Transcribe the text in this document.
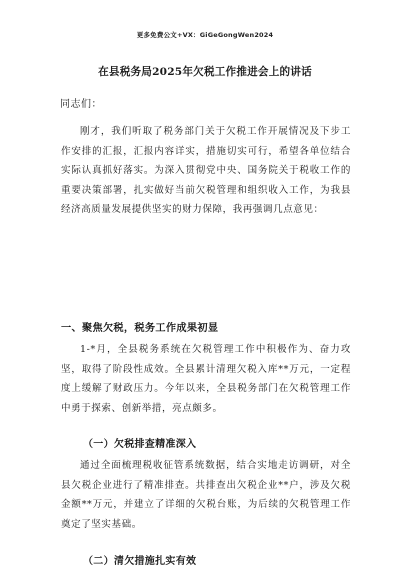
更多免费公文+VX：GiGeGongWen2024
在县税务局2025年欠税工作推进会上的讲话
同志们：

刚才，我们听取了税务部门关于欠税工作开展情况及下步工作安排的汇报，汇报内容详实，措施切实可行，希望各单位结合实际认真抓好落实。为深入贯彻党中央、国务院关于税收工作的重要决策部署，扎实做好当前欠税管理和组织收入工作，为我县经济高质量发展提供坚实的财力保障，我再强调几点意见：

一、聚焦欠税，税务工作成果初显

1-*月，全县税务系统在欠税管理工作中积极作为、奋力攻坚，取得了阶段性成效。全县累计清理欠税入库**万元，一定程度上缓解了财政压力。今年以来，全县税务部门在欠税管理工作中勇于探索、创新举措，亮点颇多。

（一）欠税排查精准深入

通过全面梳理税收征管系统数据，结合实地走访调研，对全县欠税企业进行了精准排查。共排查出欠税企业**户，涉及欠税金额**万元，并建立了详细的欠税台账，为后续的欠税管理工作奠定了坚实基础。

（二）清欠措施扎实有效
